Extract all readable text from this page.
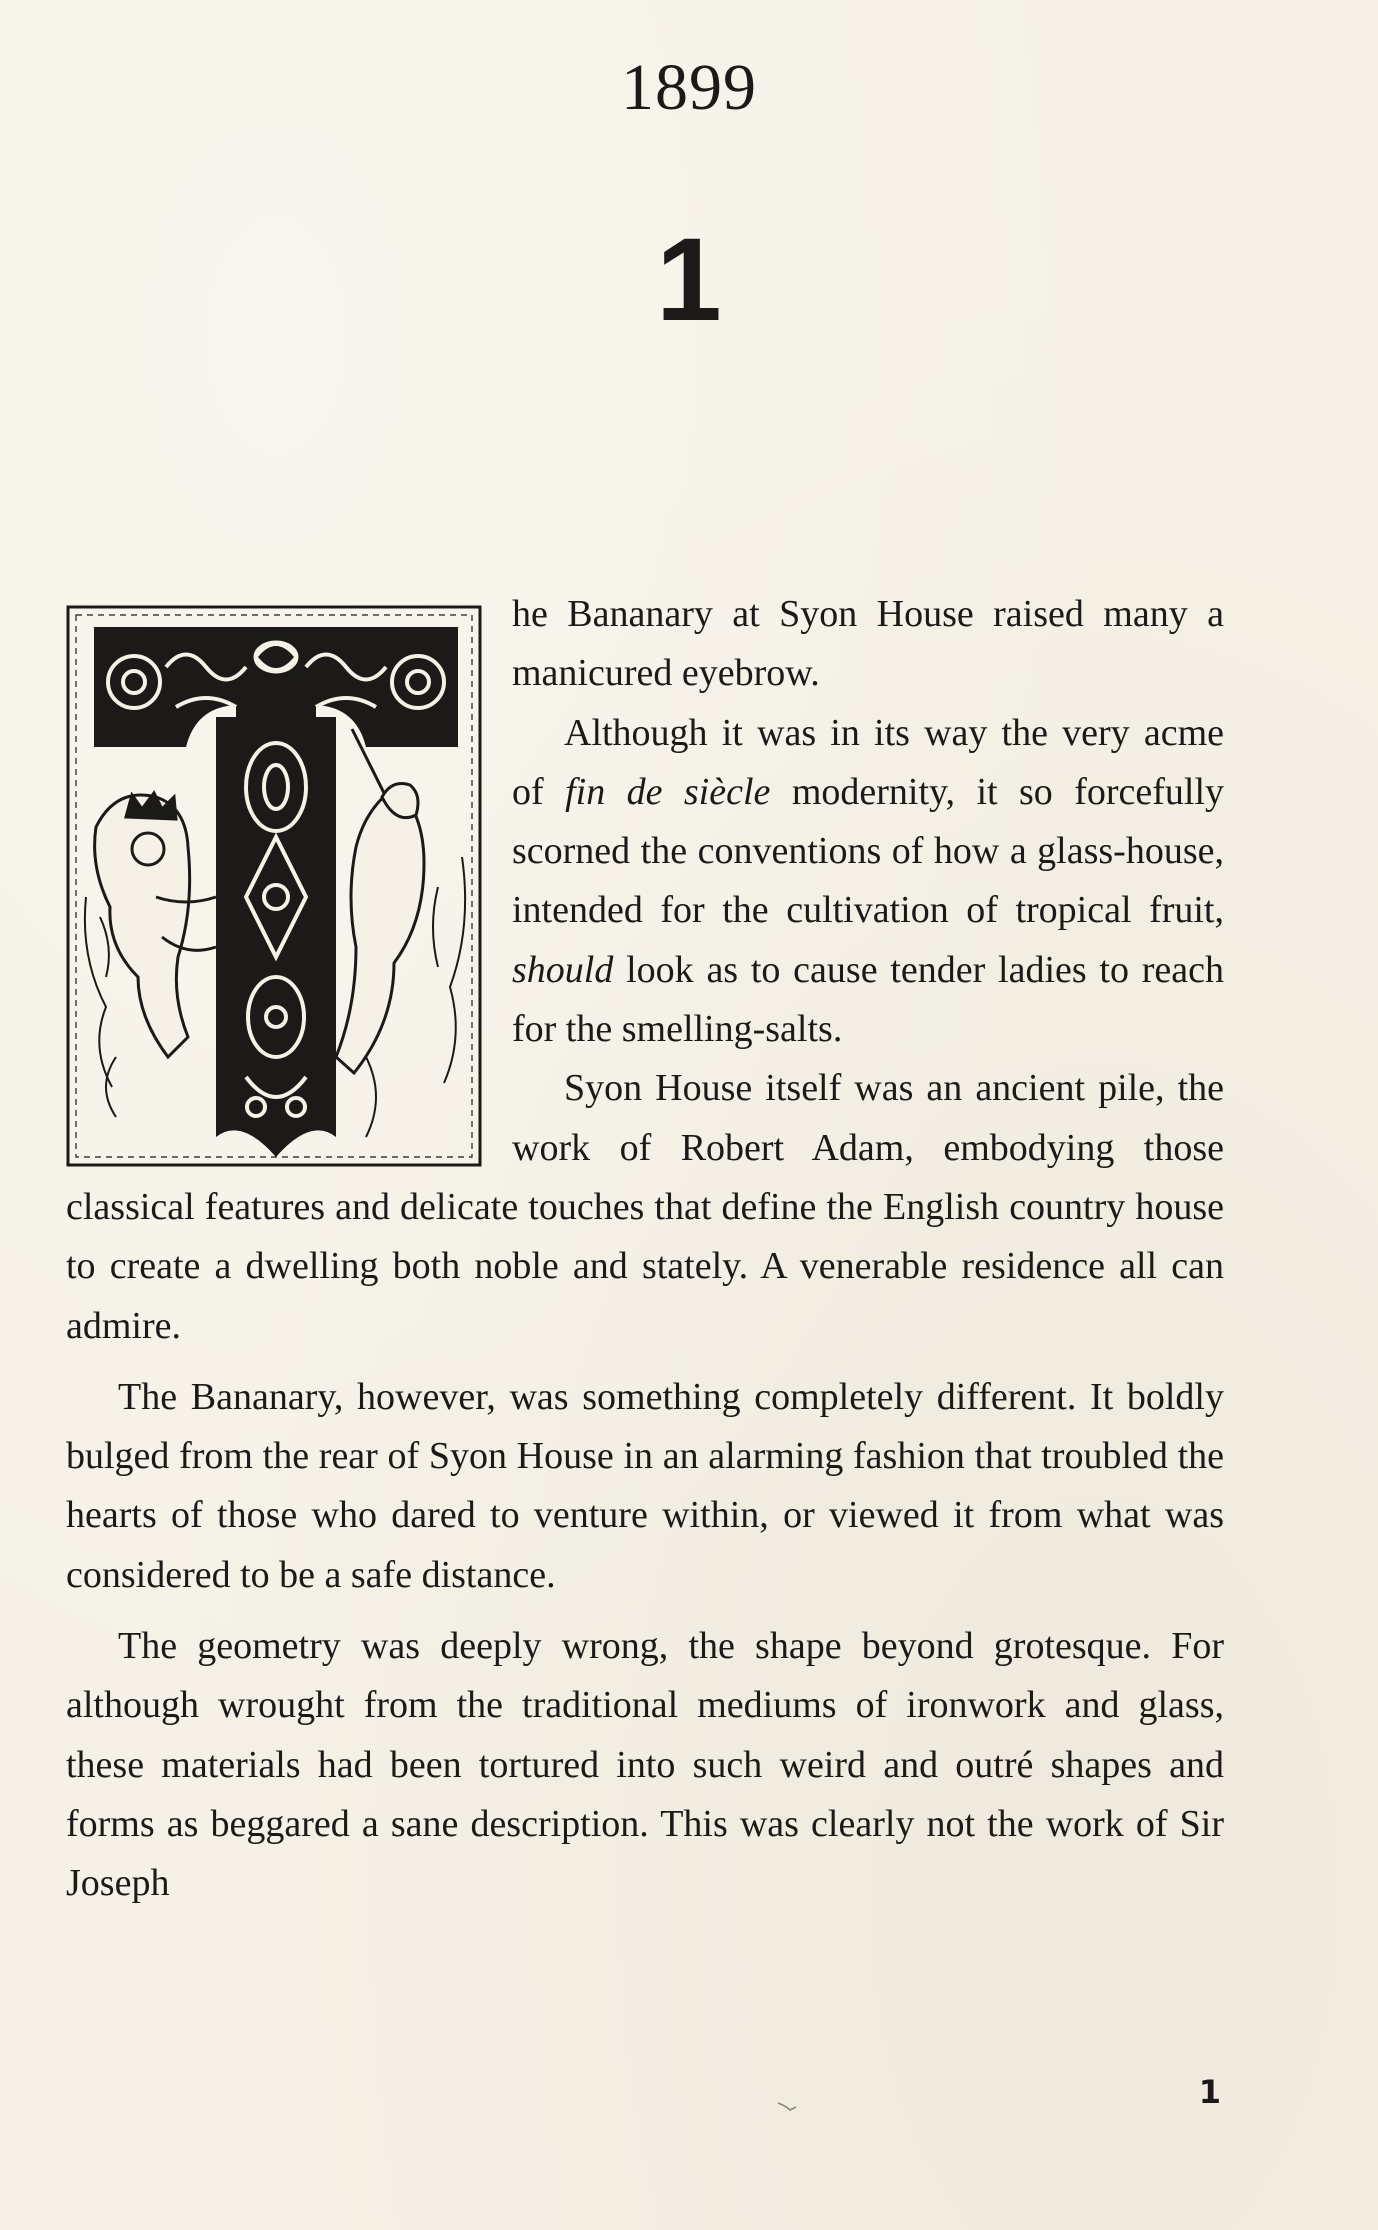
1899
1

he Bananary at Syon House raised many a manicured eyebrow.

Although it was in its way the very acme of fin de siècle modernity, it so forcefully scorned the conventions of how a glass-house, intended for the cultivation of tropical fruit, should look as to cause tender ladies to reach for the smelling-salts.

Syon House itself was an ancient pile, the work of Robert Adam, embodying those classical features and delicate touches that define the English country house to create a dwelling both noble and stately. A venerable residence all can admire.

The Bananary, however, was something completely different. It boldly bulged from the rear of Syon House in an alarming fashion that troubled the hearts of those who dared to venture within, or viewed it from what was considered to be a safe distance.

The geometry was deeply wrong, the shape beyond grotesque. For although wrought from the traditional mediums of ironwork and glass, these materials had been tortured into such weird and outré shapes and forms as beggared a sane description. This was clearly not the work of Sir Joseph

1
